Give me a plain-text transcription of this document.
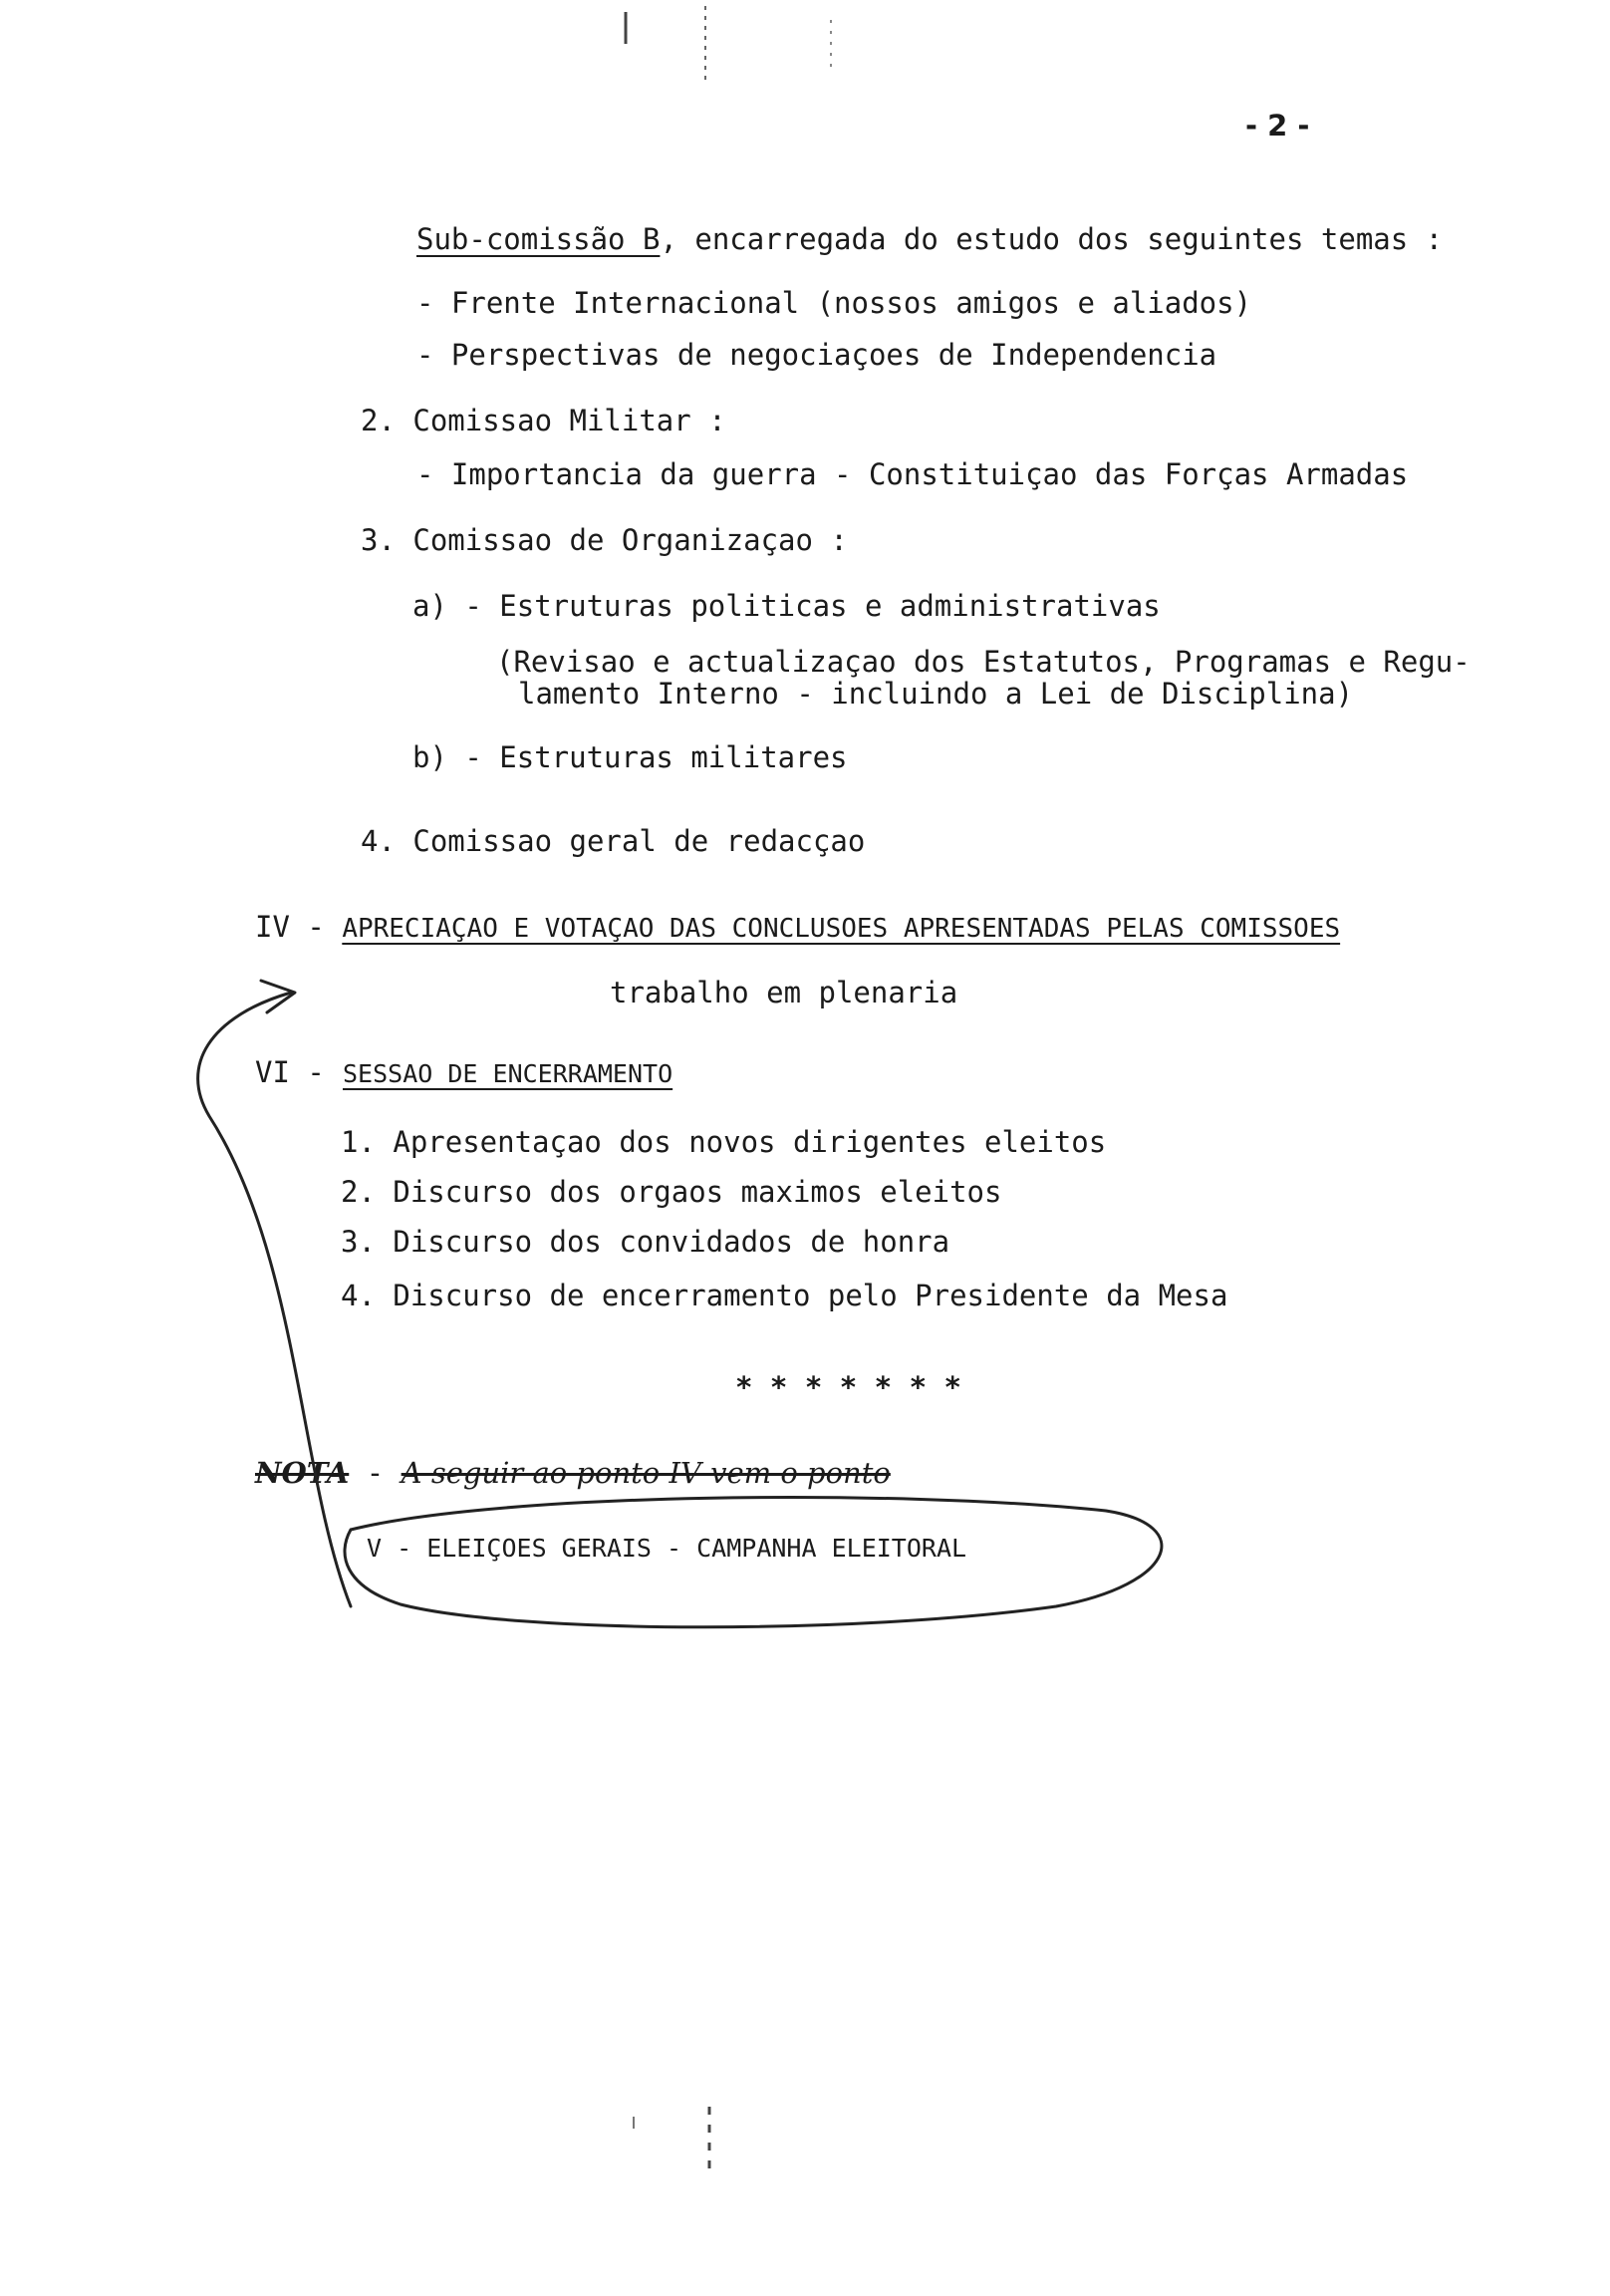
- 2 -
Sub-comissão B, encarregada do estudo dos seguintes temas :
- Frente Internacional (nossos amigos e aliados)
- Perspectivas de negociaçoes de Independencia
2. Comissao Militar :
- Importancia da guerra - Constituiçao das Forças Armadas
3. Comissao de Organizaçao :
a) - Estruturas politicas e administrativas
(Revisao e actualizaçao dos Estatutos, Programas e Regu-
lamento Interno - incluindo a Lei de Disciplina)
b) - Estruturas militares
4. Comissao geral de redacçao
IV - APRECIAÇAO E VOTAÇAO DAS CONCLUSOES APRESENTADAS PELAS COMISSOES
trabalho em plenaria
VI - SESSAO DE ENCERRAMENTO
1. Apresentaçao dos novos dirigentes eleitos
2. Discurso dos orgaos maximos eleitos
3. Discurso dos convidados de honra
4. Discurso de encerramento pelo Presidente da Mesa
* * * * * * *
NOTA - A seguir ao ponto IV vem o ponto
V - ELEIÇOES GERAIS - CAMPANHA ELEITORAL
